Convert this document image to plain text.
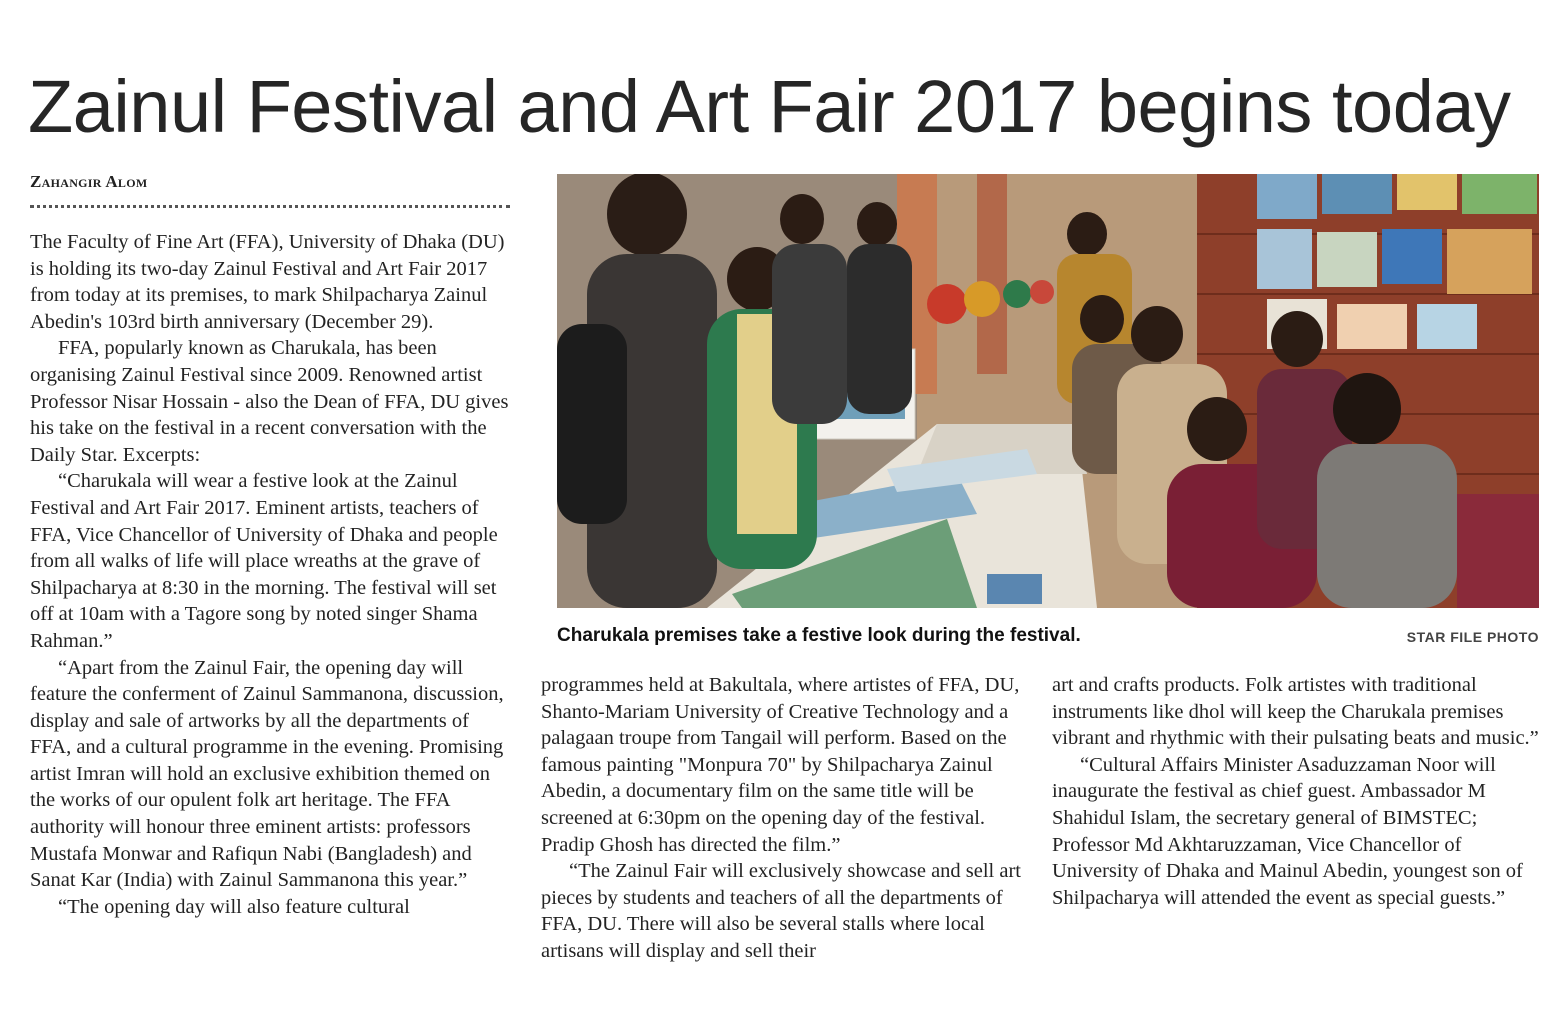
Zainul Festival and Art Fair 2017 begins today
Zahangir Alom

The Faculty of Fine Art (FFA), University of Dhaka (DU) is holding its two-day Zainul Festival and Art Fair 2017 from today at its premises, to mark Shilpacharya Zainul Abedin's 103rd birth anniversary (December 29).

FFA, popularly known as Charukala, has been organising Zainul Festival since 2009. Renowned artist Professor Nisar Hossain - also the Dean of FFA, DU gives his take on the festival in a recent conversation with the Daily Star. Excerpts:

“Charukala will wear a festive look at the Zainul Festival and Art Fair 2017. Eminent artists, teachers of FFA, Vice Chancellor of University of Dhaka and people from all walks of life will place wreaths at the grave of Shilpacharya at 8:30 in the morning. The festival will set off at 10am with a Tagore song by noted singer Shama Rahman.”

“Apart from the Zainul Fair, the opening day will feature the conferment of Zainul Sammanona, discussion, display and sale of artworks by all the departments of FFA, and a cultural programme in the evening. Promising artist Imran will hold an exclusive exhibition themed on the works of our opulent folk art heritage. The FFA authority will honour three eminent artists: professors Mustafa Monwar and Rafiqun Nabi (Bangladesh) and Sanat Kar (India) with Zainul Sammanona this year.”

“The opening day will also feature cultural

Charukala premises take a festive look during the festival.	STAR FILE PHOTO

programmes held at Bakultala, where artistes of FFA, DU, Shanto-Mariam University of Creative Technology and a palagaan troupe from Tangail will perform. Based on the famous painting "Monpura 70" by Shilpacharya Zainul Abedin, a documentary film on the same title will be screened at 6:30pm on the opening day of the festival. Pradip Ghosh has directed the film.”

“The Zainul Fair will exclusively showcase and sell art pieces by students and teachers of all the departments of FFA, DU. There will also be several stalls where local artisans will display and sell their

art and crafts products. Folk artistes with traditional instruments like dhol will keep the Charukala premises vibrant and rhythmic with their pulsating beats and music.”

“Cultural Affairs Minister Asaduzzaman Noor will inaugurate the festival as chief guest. Ambassador M Shahidul Islam, the secretary general of BIMSTEC; Professor Md Akhtaruzzaman, Vice Chancellor of University of Dhaka and Mainul Abedin, youngest son of Shilpacharya will attended the event as special guests.”
